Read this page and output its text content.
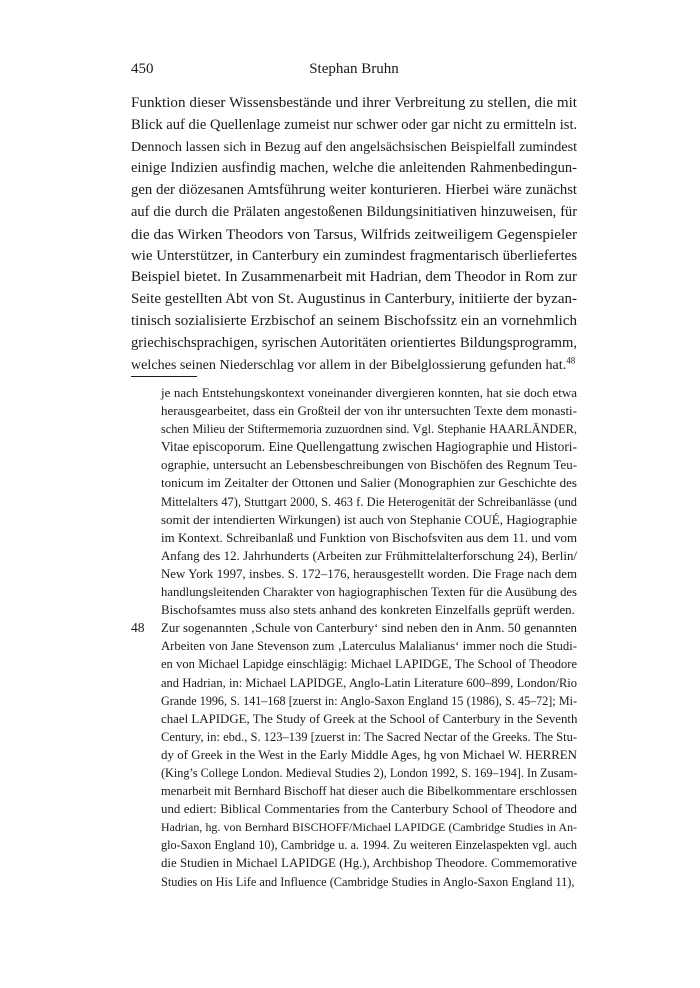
450	Stephan Bruhn
Funktion dieser Wissensbestände und ihrer Verbreitung zu stellen, die mit
Blick auf die Quellenlage zumeist nur schwer oder gar nicht zu ermitteln ist.
Dennoch lassen sich in Bezug auf den angelsächsischen Beispielfall zumindest
einige Indizien ausfindig machen, welche die anleitenden Rahmenbedingun-
gen der diözesanen Amtsführung weiter konturieren. Hierbei wäre zunächst
auf die durch die Prälaten angestoßenen Bildungsinitiativen hinzuweisen, für
die das Wirken Theodors von Tarsus, Wilfrids zeitweiligem Gegenspieler
wie Unterstützer, in Canterbury ein zumindest fragmentarisch überliefertes
Beispiel bietet. In Zusammenarbeit mit Hadrian, dem Theodor in Rom zur
Seite gestellten Abt von St. Augustinus in Canterbury, initiierte der byzan-
tinisch sozialisierte Erzbischof an seinem Bischofssitz ein an vornehmlich
griechischsprachigen, syrischen Autoritäten orientiertes Bildungsprogramm,
welches seinen Niederschlag vor allem in der Bibelglossierung gefunden hat.$^{48}$
je nach Entstehungskontext voneinander divergieren konnten, hat sie doch etwa
herausgearbeitet, dass ein Großteil der von ihr untersuchten Texte dem monasti-
schen Milieu der Stiftermemoria zuzuordnen sind. Vgl. Stephanie HAARLÄNDER,
Vitae episcoporum. Eine Quellengattung zwischen Hagiographie und Histori-
ographie, untersucht an Lebensbeschreibungen von Bischöfen des Regnum Teu-
tonicum im Zeitalter der Ottonen und Salier (Monographien zur Geschichte des
Mittelalters 47), Stuttgart 2000, S. 463 f. Die Heterogenität der Schreibanlässe (und
somit der intendierten Wirkungen) ist auch von Stephanie COUÉ, Hagiographie
im Kontext. Schreibanlaß und Funktion von Bischofsviten aus dem 11. und vom
Anfang des 12. Jahrhunderts (Arbeiten zur Frühmittelalterforschung 24), Berlin/
New York 1997, insbes. S. 172–176, herausgestellt worden. Die Frage nach dem
handlungsleitenden Charakter von hagiographischen Texten für die Ausübung des
Bischofsamtes muss also stets anhand des konkreten Einzelfalls geprüft werden.
48 Zur sogenannten ‚Schule von Canterbury‘ sind neben den in Anm. 50 genannten
Arbeiten von Jane Stevenson zum ‚Laterculus Malalianus‘ immer noch die Studi-
en von Michael Lapidge einschlägig: Michael LAPIDGE, The School of Theodore
and Hadrian, in: Michael LAPIDGE, Anglo-Latin Literature 600–899, London/Rio
Grande 1996, S. 141–168 [zuerst in: Anglo-Saxon England 15 (1986), S. 45–72]; Mi-
chael LAPIDGE, The Study of Greek at the School of Canterbury in the Seventh
Century, in: ebd., S. 123–139 [zuerst in: The Sacred Nectar of the Greeks. The Stu-
dy of Greek in the West in the Early Middle Ages, hg von Michael W. HERREN
(King’s College London. Medieval Studies 2), London 1992, S. 169–194]. In Zusam-
menarbeit mit Bernhard Bischoff hat dieser auch die Bibelkommentare erschlossen
und ediert: Biblical Commentaries from the Canterbury School of Theodore and
Hadrian, hg. von Bernhard BISCHOFF/Michael LAPIDGE (Cambridge Studies in An-
glo-Saxon England 10), Cambridge u. a. 1994. Zu weiteren Einzelaspekten vgl. auch
die Studien in Michael LAPIDGE (Hg.), Archbishop Theodore. Commemorative
Studies on His Life and Influence (Cambridge Studies in Anglo-Saxon England 11),
